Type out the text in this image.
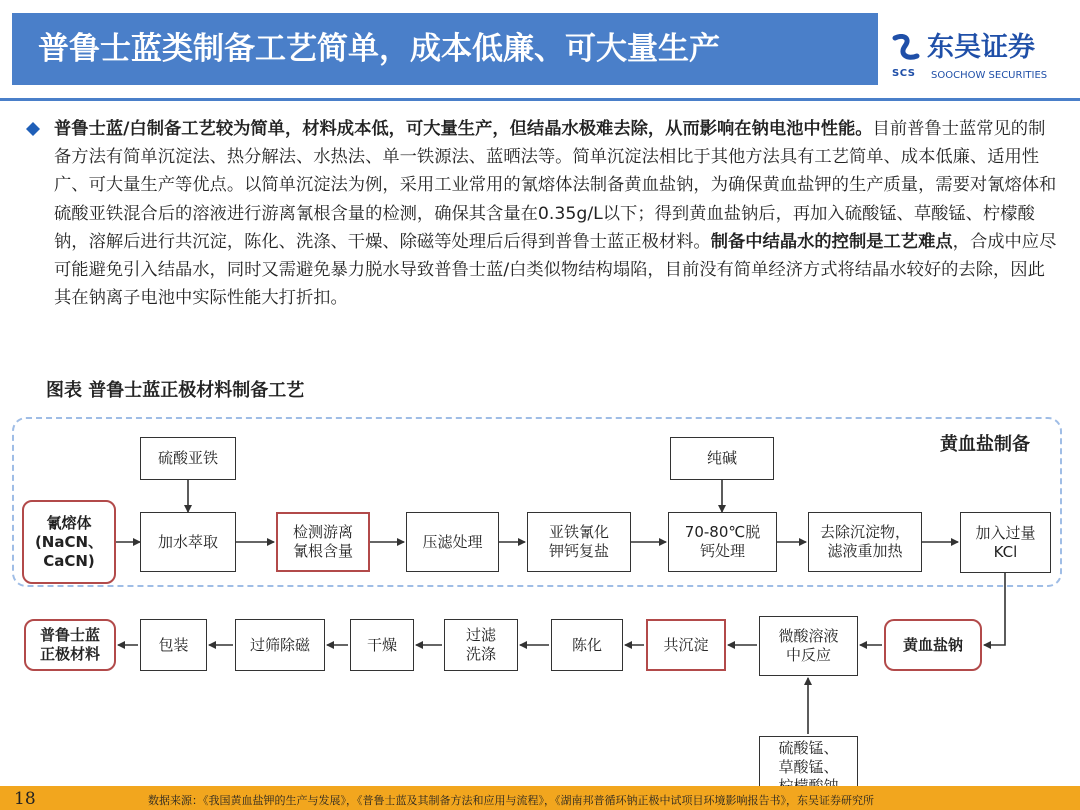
普鲁士蓝类制备工艺简单，成本低廉、可大量生产
SCS
东吴证券
SOOCHOW SECURITIES
普鲁士蓝/白制备工艺较为简单，材料成本低，可大量生产，但结晶水极难去除，从而影响在钠电池中性能。目前普鲁士蓝常见的制备方法有简单沉淀法、热分解法、水热法、单一铁源法、蓝晒法等。简单沉淀法相比于其他方法具有工艺简单、成本低廉、适用性广、可大量生产等优点。以简单沉淀法为例，采用工业常用的氰熔体法制备黄血盐钠，为确保黄血盐钾的生产质量，需要对氰熔体和硫酸亚铁混合后的溶液进行游离氰根含量的检测，确保其含量在0.35g/L以下；得到黄血盐钠后，再加入硫酸锰、草酸锰、柠檬酸钠，溶解后进行共沉淀，陈化、洗涤、干燥、除磁等处理后后得到普鲁士蓝正极材料。制备中结晶水的控制是工艺难点，合成中应尽可能避免引入结晶水，同时又需避免暴力脱水导致普鲁士蓝/白类似物结构塌陷，目前没有简单经济方式将结晶水较好的去除，因此其在钠离子电池中实际性能大打折扣。
图表 普鲁士蓝正极材料制备工艺
黄血盐制备
硫酸亚铁	纯碱
氰熔体
(NaCN、
CaCN)
加水萃取
检测游离
氰根含量
压滤处理
亚铁氰化
钾钙复盐
70-80℃脱
钙处理
去除沉淀物，
滤液重加热
加入过量
KCl
黄血盐钠
微酸溶液
中反应
硫酸锰、
草酸锰、

共沉淀
陈化
过滤
洗涤
干燥
过筛除磁
包装
普鲁士蓝
正极材料
18	数据来源：《我国黄血盐钾的生产与发展》，《普鲁士蓝及其制备方法和应用与流程》，《湖南邦普循环钠正极中试项目环境影响报告书》，东吴证券研究所
